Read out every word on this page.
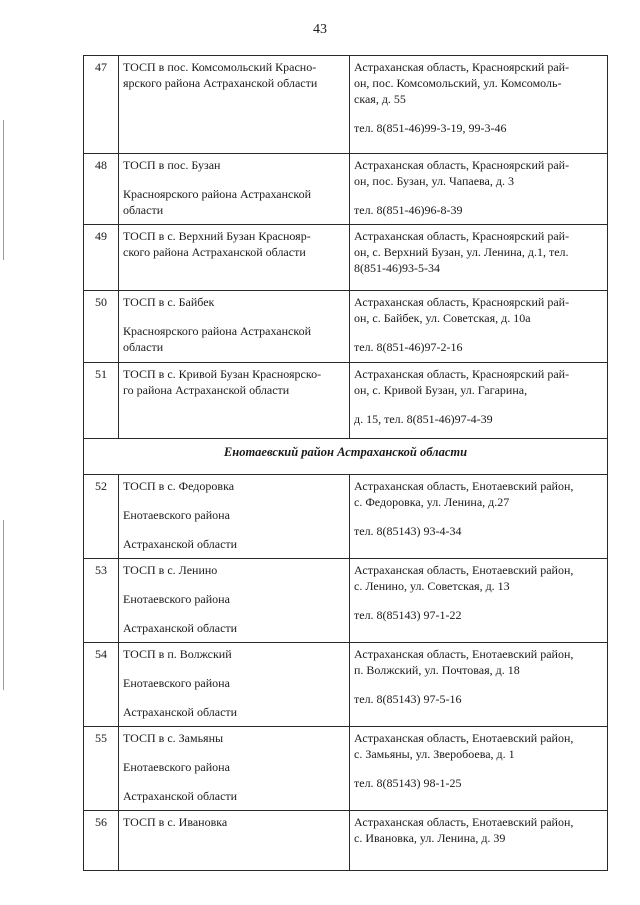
43
47	ТОСП в пос. Комсомольский Красно-
ярского района Астраханской области	Астраханская область, Красноярский рай-
он, пос. Комсомольский, ул. Комсомоль-
ская, д. 55
тел. 8(851-46)99-3-19, 99-3-46

48	ТОСП в пос. Бузан
Красноярского района Астраханской
области	Астраханская область, Красноярский рай-
он, пос. Бузан, ул. Чапаева, д. 3
тел. 8(851-46)96-8-39

49	ТОСП в с. Верхний Бузан Краснояр-
ского района Астраханской области	Астраханская область, Красноярский рай-
он, с. Верхний Бузан, ул. Ленина, д.1, тел.
8(851-46)93-5-34

50	ТОСП в с. Байбек
Красноярского района Астраханской
области	Астраханская область, Красноярский рай-
он, с. Байбек, ул. Советская, д. 10а
тел. 8(851-46)97-2-16

51	ТОСП в с. Кривой Бузан Красноярско-
го района Астраханской области	Астраханская область, Красноярский рай-
он, с. Кривой Бузан, ул. Гагарина,
д. 15, тел. 8(851-46)97-4-39

Енотаевский район Астраханской области		
52	ТОСП в с. Федоровка
Енотаевского района
Астраханской области	Астраханская область, Енотаевский район,
с. Федоровка, ул. Ленина, д.27
тел. 8(85143) 93-4-34

53	ТОСП в с. Ленино
Енотаевского района
Астраханской области	Астраханская область, Енотаевский район,
с. Ленино, ул. Советская, д. 13
тел. 8(85143) 97-1-22

54	ТОСП в п. Волжский
Енотаевского района
Астраханской области	Астраханская область, Енотаевский район,
п. Волжский, ул. Почтовая, д. 18
тел. 8(85143) 97-5-16

55	ТОСП в с. Замьяны
Енотаевского района
Астраханской области	Астраханская область, Енотаевский район,
с. Замьяны, ул. Зверобоева, д. 1
тел. 8(85143) 98-1-25

56	ТОСП в с. Ивановка	Астраханская область, Енотаевский район,
с. Ивановка, ул. Ленина, д. 39
